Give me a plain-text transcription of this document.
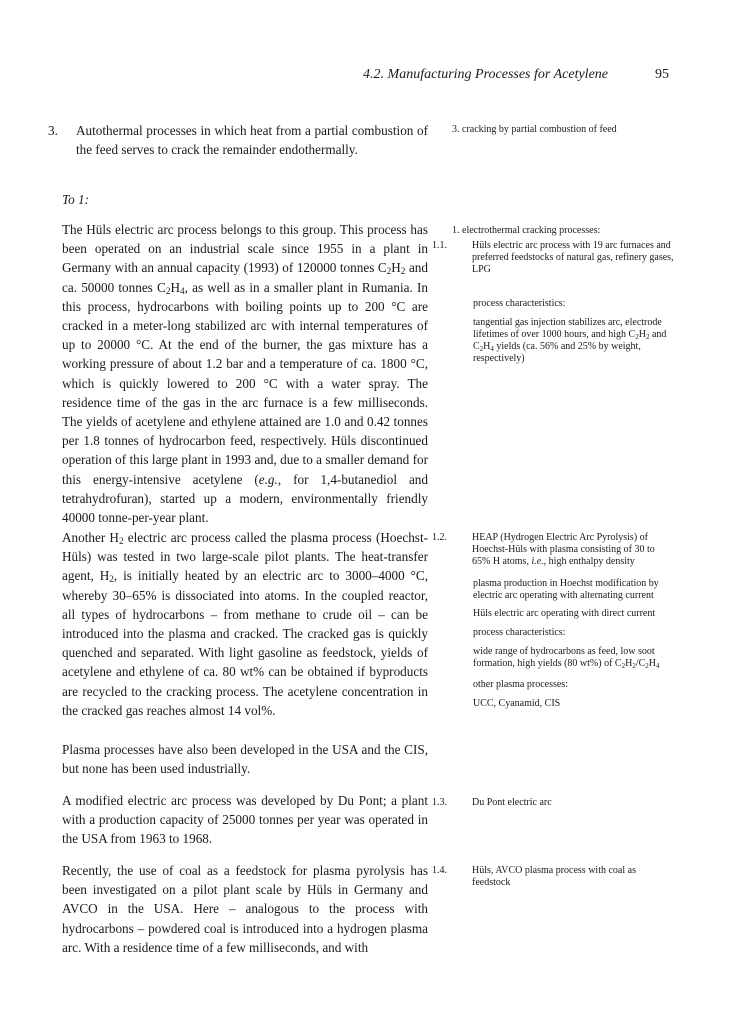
4.2. Manufacturing Processes for Acetylene	95

3. Autothermal processes in which heat from a partial combustion of the feed serves to crack the remainder endothermally.

To 1:

The Hüls electric arc process belongs to this group. This process has been operated on an industrial scale since 1955 in a plant in Germany with an annual capacity (1993) of 120000 tonnes $C_2H_2$ and ca. 50000 tonnes $C_2H_4$, as well as in a smaller plant in Rumania. In this process, hydrocarbons with boiling points up to 200 °C are cracked in a meter-long stabilized arc with internal temperatures of up to 20000 °C. At the end of the burner, the gas mixture has a working pressure of about 1.2 bar and a temperature of ca. 1800 °C, which is quickly lowered to 200 °C with a water spray. The residence time of the gas in the arc furnace is a few milliseconds. The yields of acetylene and ethylene attained are 1.0 and 0.42 tonnes per 1.8 tonnes of hydrocarbon feed, respectively. Hüls discontinued operation of this large plant in 1993 and, due to a smaller demand for this energy-intensive acetylene (e.g., for 1,4-butanediol and tetrahydrofuran), started up a modern, environmentally friendly 40000 tonne-per-year plant.

Another $H_2$ electric arc process called the plasma process (Hoechst-Hüls) was tested in two large-scale pilot plants. The heat-transfer agent, $H_2$, is initially heated by an electric arc to 3000–4000 °C, whereby 30–65% is dissociated into atoms. In the coupled reactor, all types of hydrocarbons – from methane to crude oil – can be introduced into the plasma and cracked. The cracked gas is quickly quenched and separated. With light gasoline as feedstock, yields of acetylene and ethylene of ca. 80 wt% can be obtained if byproducts are recycled to the cracking process. The acetylene concentration in the cracked gas reaches almost 14 vol%.

Plasma processes have also been developed in the USA and the CIS, but none has been used industrially.

A modified electric arc process was developed by Du Pont; a plant with a production capacity of 25000 tonnes per year was operated in the USA from 1963 to 1968.

Recently, the use of coal as a feedstock for plasma pyrolysis has been investigated on a pilot plant scale by Hüls in Germany and AVCO in the USA. Here – analogous to the process with hydrocarbons – powdered coal is introduced into a hydrogen plasma arc. With a residence time of a few milliseconds, and with

3. cracking by partial combustion of feed

1. electrothermal cracking processes:

1.1.	Hüls electric arc process with 19 arc furnaces and preferred feedstocks of natural gas, refinery gases, LPG

process characteristics:

tangential gas injection stabilizes arc, electrode lifetimes of over 1000 hours, and high $C_2H_2$ and $C_2H_4$ yields (ca. 56% and 25% by weight, respectively)

1.2.	HEAP (Hydrogen Electric Arc Pyrolysis) of Hoechst-Hüls with plasma consisting of 30 to 65% H atoms, i.e., high enthalpy density

plasma production in Hoechst modification by electric arc operating with alternating current

Hüls electric arc operating with direct current

process characteristics:

wide range of hydrocarbons as feed, low soot formation, high yields (80 wt%) of $C_2H_2/C_2H_4$

other plasma processes:

UCC, Cyanamid, CIS

1.3.	Du Pont electric arc

1.4.	Hüls, AVCO plasma process with coal as feedstock
